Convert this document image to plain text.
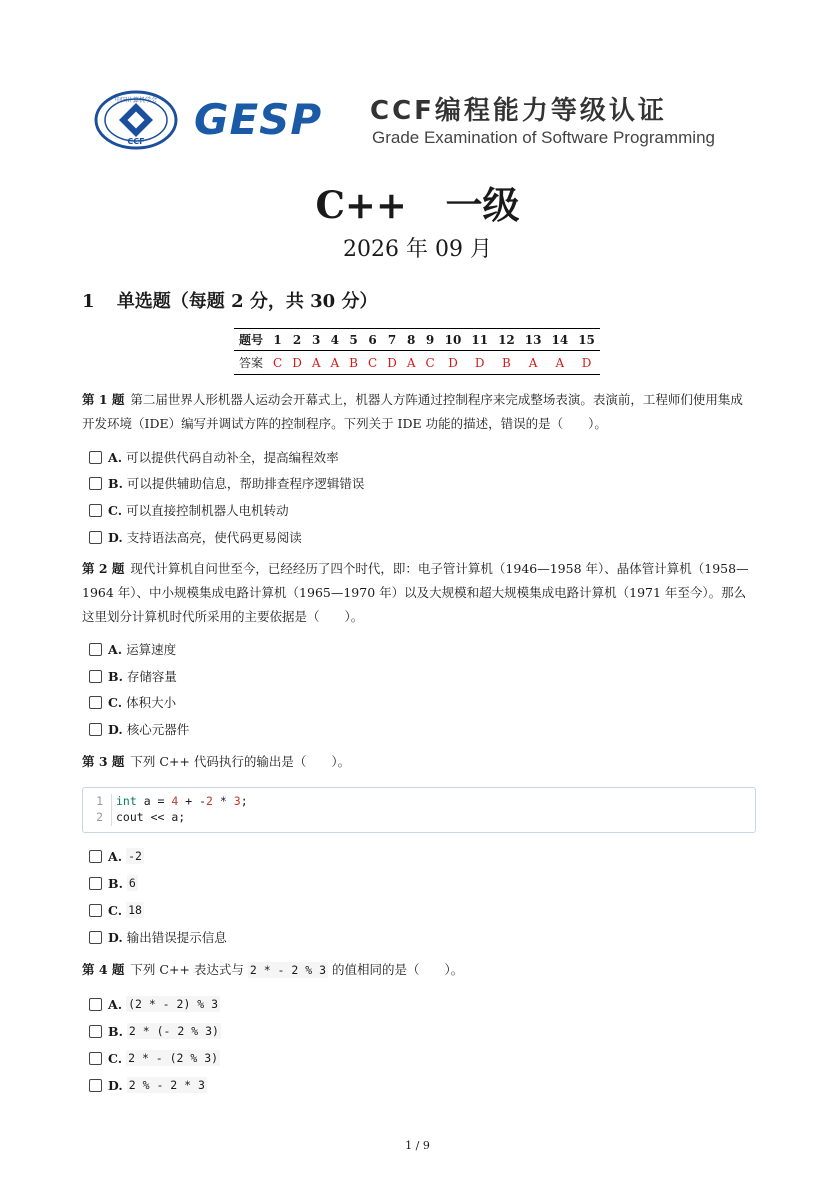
中国计算机学会
CCF GESP CCF编程能力等级认证
Grade Examination of Software Programming
C++   一级
2026 年 09 月
1 单选题（每题 2 分，共 30 分）
题号	1	2	3	4	5	6	7	8	9	10	11	12	13	14	15
答案	C	D	A	A	B	C	D	A	C	D	D	B	A	A	D
第 1 题 第二届世界人形机器人运动会开幕式上，机器人方阵通过控制程序来完成整场表演。表演前，工程师们使用集成开发环境（IDE）编写并调试方阵的控制程序。下列关于 IDE 功能的描述，错误的是（　　）。
A. 可以提供代码自动补全，提高编程效率
B. 可以提供辅助信息，帮助排查程序逻辑错误
C. 可以直接控制机器人电机转动
D. 支持语法高亮，使代码更易阅读
第 2 题 现代计算机自问世至今，已经经历了四个时代，即：电子管计算机（1946—1958 年）、晶体管计算机（1958—1964 年）、中小规模集成电路计算机（1965—1970 年）以及大规模和超大规模集成电路计算机（1971 年至今）。那么这里划分计算机时代所采用的主要依据是（　　）。
A. 运算速度
B. 存储容量
C. 体积大小
D. 核心元器件
第 3 题 下列 C++ 代码执行的输出是（　　）。
1	int a = 4 + -2 * 3;
2	cout << a;
A. -2
B. 6
C. 18
D. 输出错误提示信息
第 4 题 下列 C++ 表达式与 2 * - 2 % 3 的值相同的是（　　）。
A. (2 * - 2) % 3
B. 2 * (- 2 % 3)
C. 2 * - (2 % 3)
D. 2 % - 2 * 3
1 / 9
